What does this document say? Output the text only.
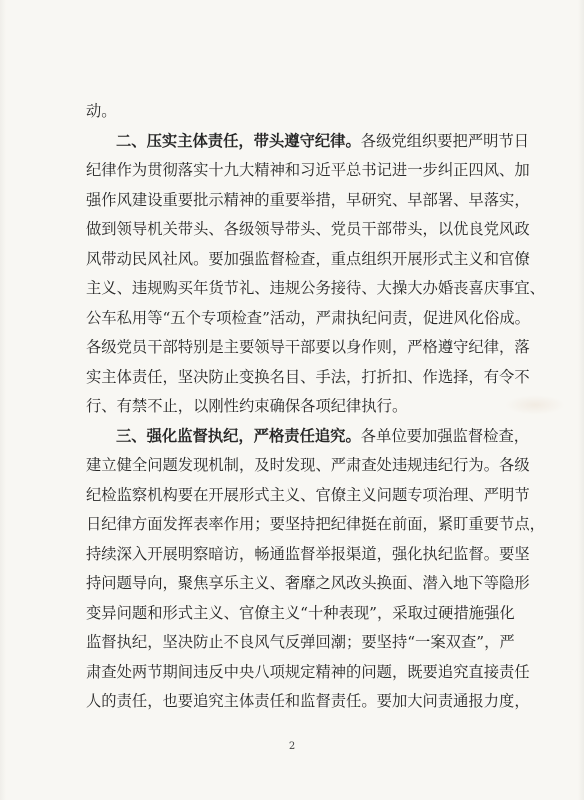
动。
二、压实主体责任，带头遵守纪律。各级党组织要把严明节日
纪律作为贯彻落实十九大精神和习近平总书记进一步纠正四风、加
强作风建设重要批示精神的重要举措，早研究、早部署、早落实，
做到领导机关带头、各级领导带头、党员干部带头，以优良党风政
风带动民风社风。要加强监督检查，重点组织开展形式主义和官僚
主义、违规购买年货节礼、违规公务接待、大操大办婚丧喜庆事宜、
公车私用等“五个专项检查”活动，严肃执纪问责，促进风化俗成。
各级党员干部特别是主要领导干部要以身作则，严格遵守纪律，落
实主体责任，坚决防止变换名目、手法，打折扣、作选择，有令不
行、有禁不止，以刚性约束确保各项纪律执行。
三、强化监督执纪，严格责任追究。各单位要加强监督检查，
建立健全问题发现机制，及时发现、严肃查处违规违纪行为。各级
纪检监察机构要在开展形式主义、官僚主义问题专项治理、严明节
日纪律方面发挥表率作用；要坚持把纪律挺在前面，紧盯重要节点，
持续深入开展明察暗访，畅通监督举报渠道，强化执纪监督。要坚
持问题导向，聚焦享乐主义、奢靡之风改头换面、潜入地下等隐形
变异问题和形式主义、官僚主义“十种表现”，采取过硬措施强化
监督执纪，坚决防止不良风气反弹回潮；要坚持“一案双查”，严
肃查处两节期间违反中央八项规定精神的问题，既要追究直接责任
人的责任，也要追究主体责任和监督责任。要加大问责通报力度，
2
